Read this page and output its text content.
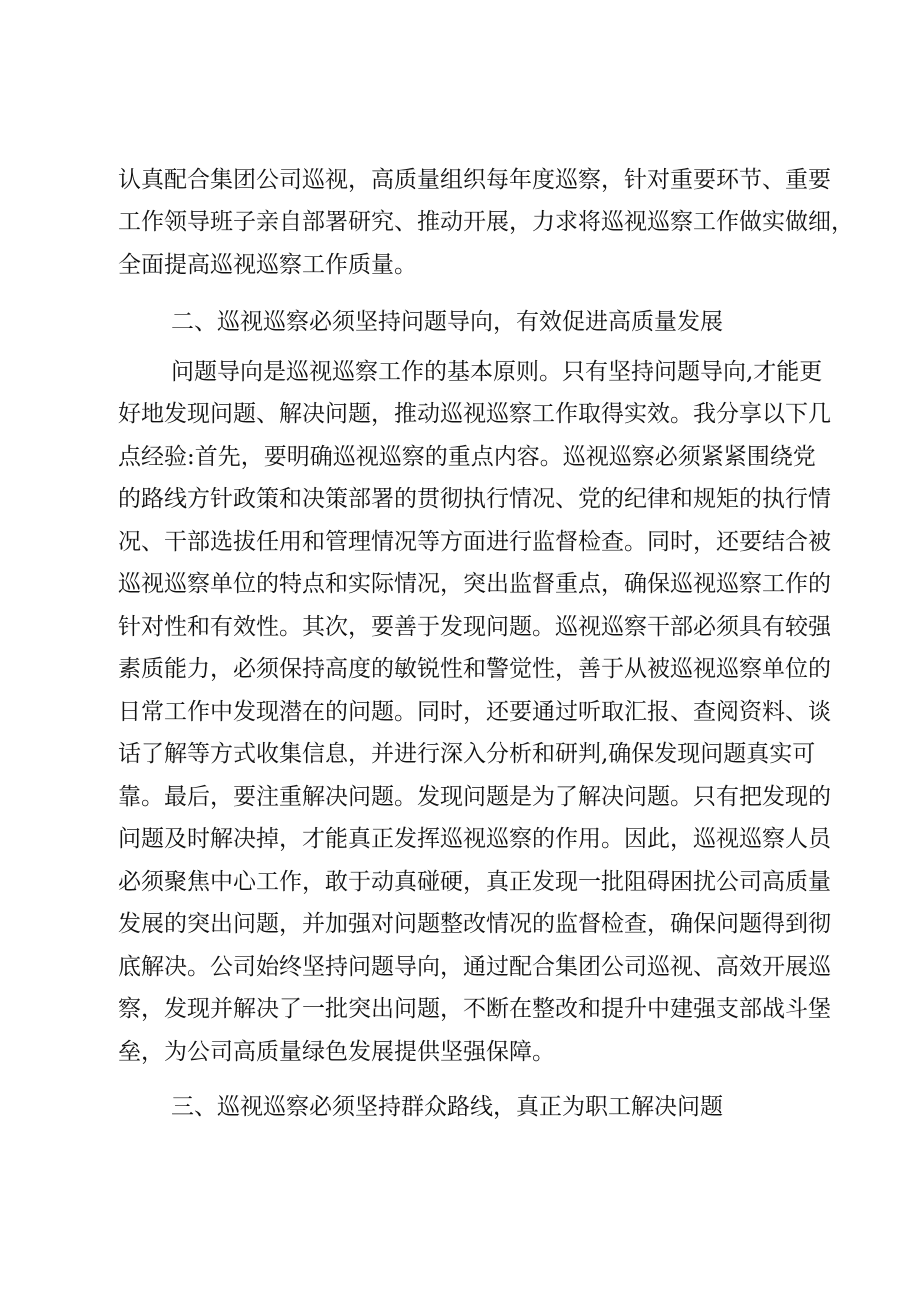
认真配合集团公司巡视，高质量组织每年度巡察，针对重要环节、重要
工作领导班子亲自部署研究、推动开展，力求将巡视巡察工作做实做细，
全面提高巡视巡察工作质量。
二、巡视巡察必须坚持问题导向，有效促进高质量发展
问题导向是巡视巡察工作的基本原则。只有坚持问题导向,才能更
好地发现问题、解决问题，推动巡视巡察工作取得实效。我分享以下几
点经验:首先，要明确巡视巡察的重点内容。巡视巡察必须紧紧围绕党
的路线方针政策和决策部署的贯彻执行情况、党的纪律和规矩的执行情
况、干部选拔任用和管理情况等方面进行监督检查。同时，还要结合被
巡视巡察单位的特点和实际情况，突出监督重点，确保巡视巡察工作的
针对性和有效性。其次，要善于发现问题。巡视巡察干部必须具有较强
素质能力，必须保持高度的敏锐性和警觉性，善于从被巡视巡察单位的
日常工作中发现潜在的问题。同时，还要通过听取汇报、查阅资料、谈
话了解等方式收集信息，并进行深入分析和研判,确保发现问题真实可
靠。最后，要注重解决问题。发现问题是为了解决问题。只有把发现的
问题及时解决掉，才能真正发挥巡视巡察的作用。因此，巡视巡察人员
必须聚焦中心工作，敢于动真碰硬，真正发现一批阻碍困扰公司高质量
发展的突出问题，并加强对问题整改情况的监督检查，确保问题得到彻
底解决。公司始终坚持问题导向，通过配合集团公司巡视、高效开展巡
察，发现并解决了一批突出问题，不断在整改和提升中建强支部战斗堡
垒，为公司高质量绿色发展提供坚强保障。
三、巡视巡察必须坚持群众路线，真正为职工解决问题
